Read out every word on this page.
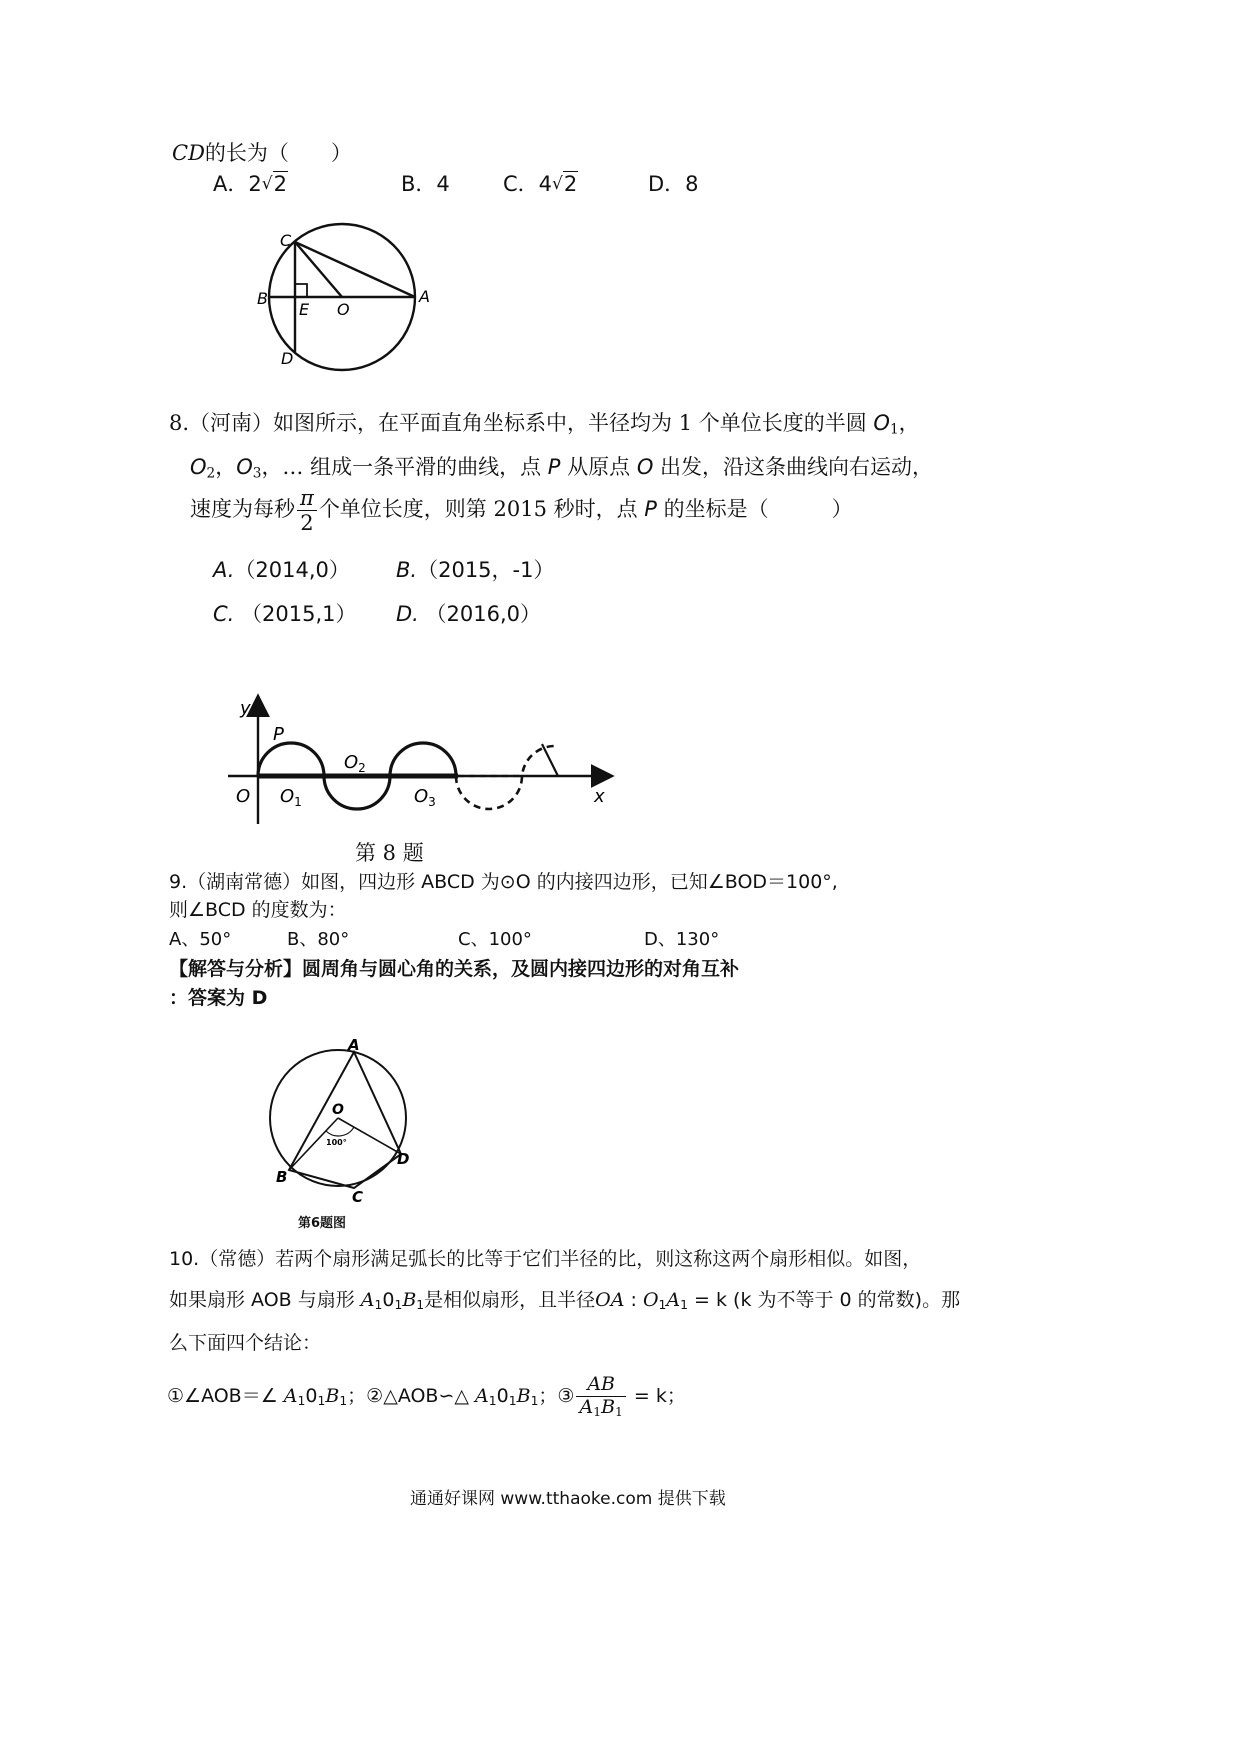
CD的长为（　　）
A．2√2	B．4	C．4√2	D．8
C
B
E O
A
D
8.（河南）如图所示，在平面直角坐标系中，半径均为 1 个单位长度的半圆 $O_1$，
$O_2$，$O_3$，… 组成一条平滑的曲线，点 P 从原点 O 出发，沿这条曲线向右运动，
速度为每秒 $\frac{\pi}{2}$ 个单位长度，则第 2015 秒时，点 P 的坐标是（　　　）
A.（2014,0） B.（2015，-1）
C. （2015,1） D. （2016,0）
y
x
O
P
$O_1$
$O_2$
$O_3$
第 8 题
9.（湖南常德）如图，四边形 ABCD 为⊙O 的内接四边形，已知∠BOD＝100°,
则∠BCD 的度数为：
A、50°	B、80°	C、100°	D、130°
【解答与分析】圆周角与圆心角的关系，及圆内接四边形的对角互补
：答案为 D
A
O
100°
B
C
D
第6题图
10.（常德）若两个扇形满足弧长的比等于它们半径的比，则这称这两个扇形相似。如图，
如果扇形 AOB 与扇形 $A_10_1B_1$是相似扇形，且半径OA : $O_1A_1 = k$ (k 为不等于 0 的常数)。那
么下面四个结论：
①∠AOB＝∠ $A_10_1B_1$；②△AOB∽△ $A_10_1B_1$；③ $\frac{AB}{A_1B_1} = k$；
通通好课网 www.tthaoke.com 提供下载
